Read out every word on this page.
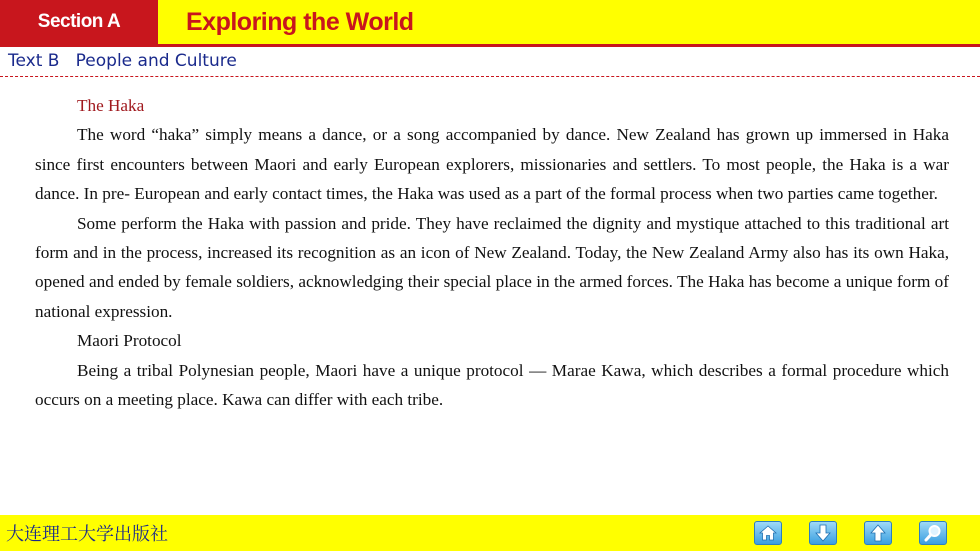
Section A	Exploring the World
Text B   People and Culture

The Haka

The word “haka” simply means a dance, or a song accompanied by dance. New Zealand has grown up immersed in Haka since first encounters between Maori and early European explorers, missionaries and settlers. To most people, the Haka is a war dance. In pre- European and early contact times, the Haka was used as a part of the formal process when two parties came together.

Some perform the Haka with passion and pride. They have reclaimed the dignity and mystique attached to this traditional art form and in the process, increased its recognition as an icon of New Zealand. Today, the New Zealand Army also has its own Haka, opened and ended by female soldiers, acknowledging their special place in the armed forces. The Haka has become a unique form of national expression.

Maori Protocol

Being a tribal Polynesian people, Maori have a unique protocol — Marae Kawa, which describes a formal procedure which occurs on a meeting place. Kawa can differ with each tribe.

大连理工大学出版社
